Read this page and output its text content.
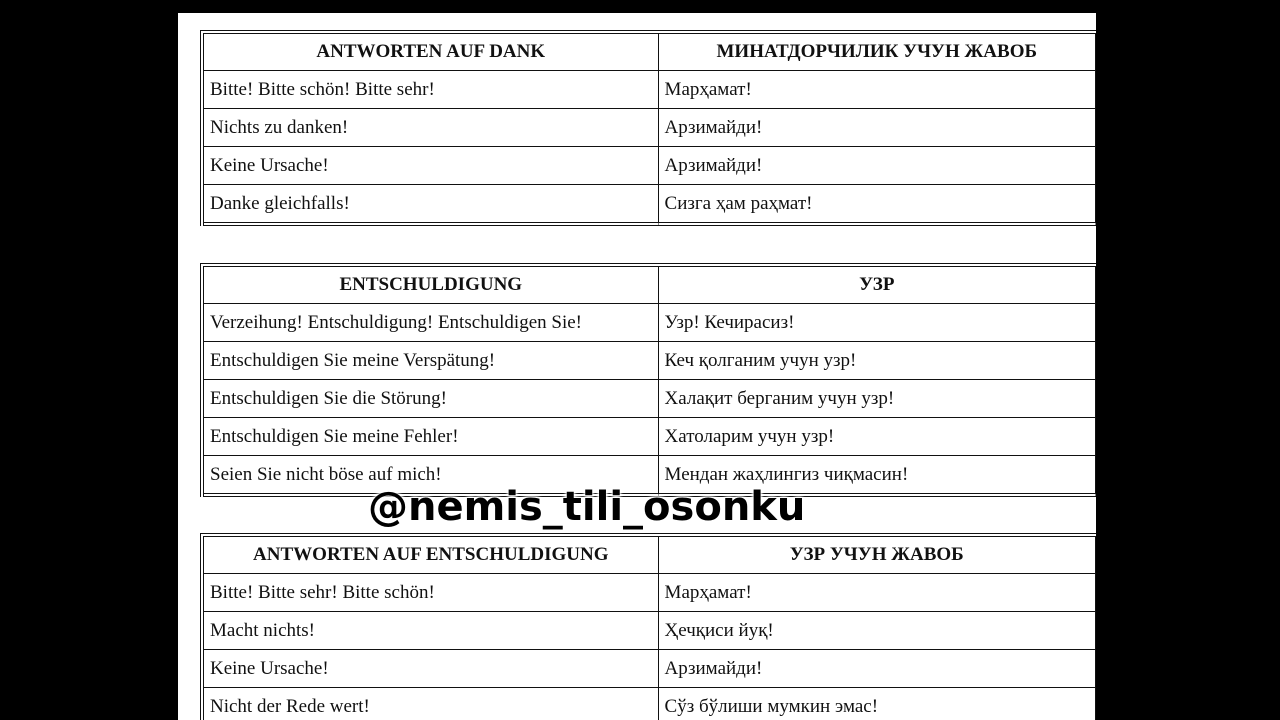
ANTWORTEN AUF DANK	МИНАТДОРЧИЛИК УЧУН ЖАВОБ
Bitte! Bitte schön! Bitte sehr!	Марҳамат!
Nichts zu danken!	Арзимайди!
Keine Ursache!	Арзимайди!
Danke gleichfalls!	Сизга ҳам раҳмат!
ENTSCHULDIGUNG	УЗР
Verzeihung! Entschuldigung! Entschuldigen Sie!	Узр! Кечирасиз!
Entschuldigen Sie meine Verspätung!	Кеч қолганим учун узр!
Entschuldigen Sie die Störung!	Халақит берганим учун узр!
Entschuldigen Sie meine Fehler!	Хатоларим учун узр!
Seien Sie nicht böse auf mich!	Мендан жаҳлингиз чиқмасин!
ANTWORTEN AUF ENTSCHULDIGUNG	УЗР УЧУН ЖАВОБ
Bitte! Bitte sehr! Bitte schön!	Марҳамат!
Macht nichts!	Ҳечқиси йуқ!
Keine Ursache!	Арзимайди!
Nicht der Rede wert!	Сўз бўлиши мумкин эмас!
@nemis_tili_osonku
